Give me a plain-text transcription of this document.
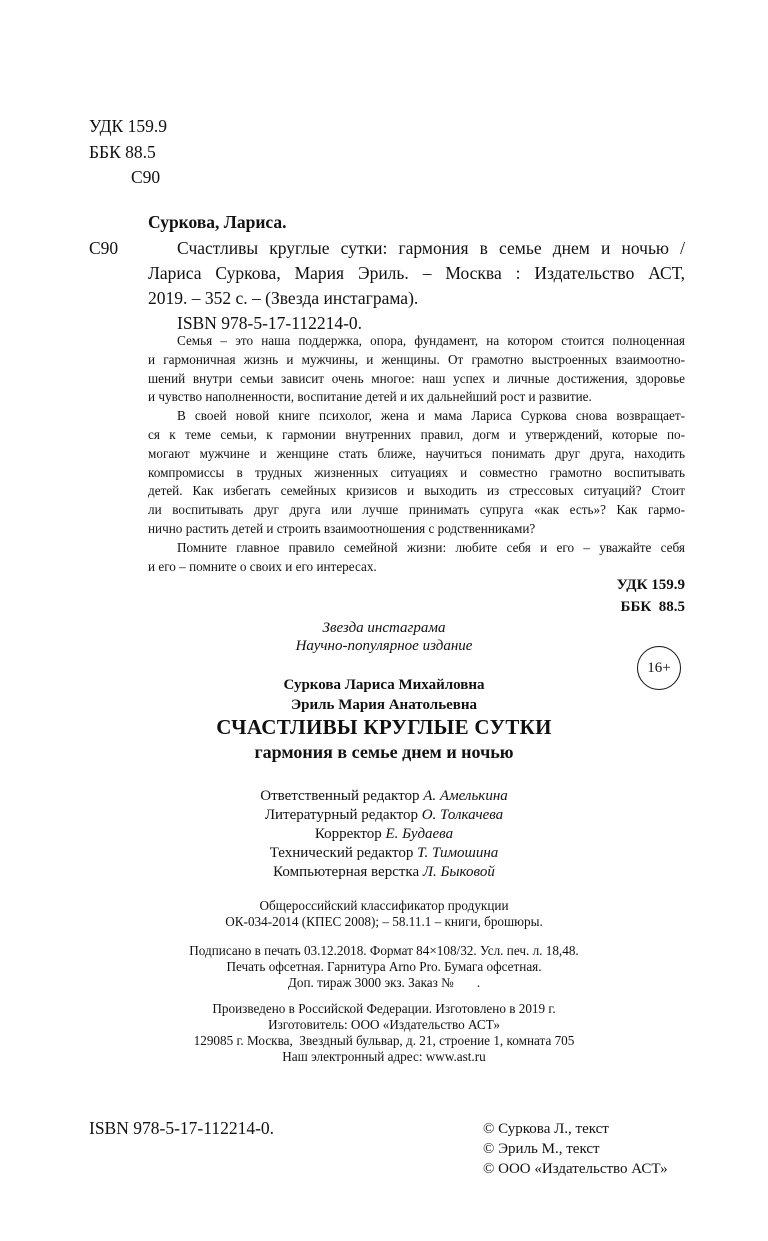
УДК 159.9
ББК 88.5
С90
Суркова, Лариса.
С90	Счастливы круглые сутки: гармония в семье днем и ночью /
Лариса Суркова, Мария Эриль. – Москва : Издательство АСТ,
2019. – 352 с. – (Звезда инстаграма).
ISBN 978-5-17-112214-0.

Семья – это наша поддержка, опора, фундамент, на котором стоится полноценная

и гармоничная жизнь и мужчины, и женщины. От грамотно выстроенных взаимоотно-

шений внутри семьи зависит очень многое: наш успех и личные достижения, здоровье

и чувство наполненности, воспитание детей и их дальнейший рост и развитие.

В своей новой книге психолог, жена и мама Лариса Суркова снова возвращает-

ся к теме семьи, к гармонии внутренних правил, догм и утверждений, которые по-

могают мужчине и женщине стать ближе, научиться понимать друг друга, находить

компромиссы в трудных жизненных ситуациях и совместно грамотно воспитывать

детей. Как избегать семейных кризисов и выходить из стрессовых ситуаций? Стоит

ли воспитывать друг друга или лучше принимать супруга «как есть»? Как гармо-

нично растить детей и строить взаимоотношения с родственниками?

Помните главное правило семейной жизни: любите себя и его – уважайте себя

и его – помните о своих и его интересах.

УДК 159.9
ББК  88.5
Звезда инстаграма
Научно-популярное издание
16+
Суркова Лариса Михайловна
Эриль Мария Анатольевна
СЧАСТЛИВЫ КРУГЛЫЕ СУТКИ
гармония в семье днем и ночью
Ответственный редактор А. Амелькина
Литературный редактор О. Толкачева
Корректор Е. Будаева
Технический редактор Т. Тимошина
Компьютерная верстка Л. Быковой
Общероссийский классификатор продукции
ОК-034-2014 (КПЕС 2008); – 58.11.1 – книги, брошюры.
Подписано в печать 03.12.2018. Формат 84×108/32. Усл. печ. л. 18,48.
Печать офсетная. Гарнитура Arno Pro. Бумага офсетная.
Доп. тираж 3000 экз. Заказ №       .
Произведено в Российской Федерации. Изготовлено в 2019 г.
Изготовитель: ООО «Издательство АСТ»
129085 г. Москва,  Звездный бульвар, д. 21, строение 1, комната 705
Наш электронный адрес: www.ast.ru
ISBN 978-5-17-112214-0.	© Суркова Л., текст
© Эриль М., текст
© ООО «Издательство АСТ»
